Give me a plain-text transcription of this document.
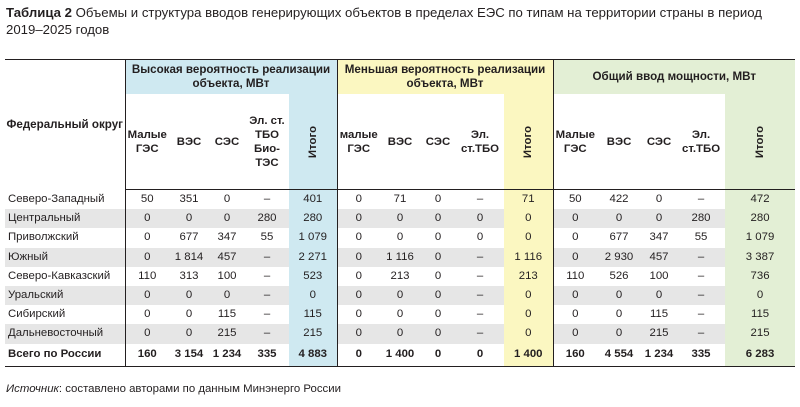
Таблица 2 Объемы и структура вводов генерирующих объектов в пределах ЕЭС по типам на территории страны в период 2019–2025 годов
Федеральный округ	Высокая вероятность реализации объекта, МВт					Меньшая вероятность реализации объекта, МВт					Общий ввод мощности, МВт				
	Малые ГЭС	ВЭС	СЭС	Эл. ст. ТБО Био-ТЭС	Итого	малые ГЭС	ВЭС	СЭС	Эл. ст.ТБО	Итого	Малые ГЭС	ВЭС	СЭС	Эл. ст.ТБО	Итого
Северо-Западный	50	351	0	–	401	0	71	0	–	71	50	422	0	–	472
Центральный	0	0	0	280	280	0	0	0	0	0	0	0	0	280	280
Приволжский	0	677	347	55	1 079	0	0	0	0	0	0	677	347	55	1 079
Южный	0	1 814	457	–	2 271	0	1 116	0	–	1 116	0	2 930	457	–	3 387
Северо-Кавказский	110	313	100	–	523	0	213	0	–	213	110	526	100	–	736
Уральский	0	0	0	–	0	0	0	0	–	0	0	0	0	–	0
Сибирский	0	0	115	–	115	0	0	0	–	0	0	0	115	–	115
Дальневосточный	0	0	215	–	215	0	0	0	–	0	0	0	215	–	215
Всего по России	160	3 154	1 234	335	4 883	0	1 400	0	0	1 400	160	4 554	1 234	335	6 283
Источник: составлено авторами по данным Минэнерго России
